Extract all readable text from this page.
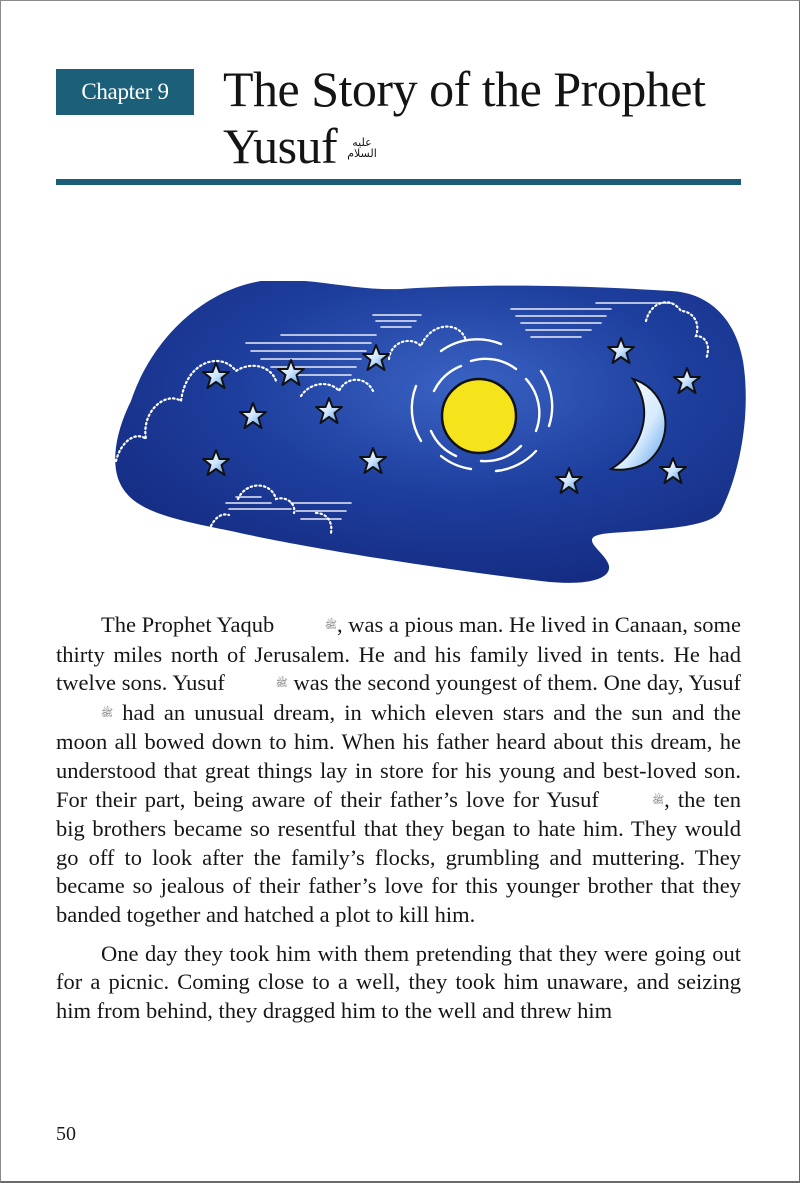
Chapter 9 The Story of the Prophet
Yusuf	عليه
السلام

The Prophet Yaqub	ﷺ, was a pious man. He lived in Canaan, some thirty miles north of Jerusalem. He and his family lived in tents. He had twelve sons. Yusuf	ﷺ was the second youngest of them. One day, Yusuf ﷺ had an unusual dream, in which eleven stars and the sun and the moon all bowed down to him. When his father heard about this dream, he understood that great things lay in store for his young and best-loved son. For their part, being aware of their father’s love for Yusuf	ﷺ, the ten big brothers became so resentful that they began to hate him. They would go off to look after the family’s flocks, grumbling and muttering. They became so jealous of their father’s love for this younger brother that they banded together and hatched a plot to kill him.

One day they took him with them pretending that they were going out for a picnic. Coming close to a well, they took him unaware, and seizing him from behind, they dragged him to the well and threw him

50
